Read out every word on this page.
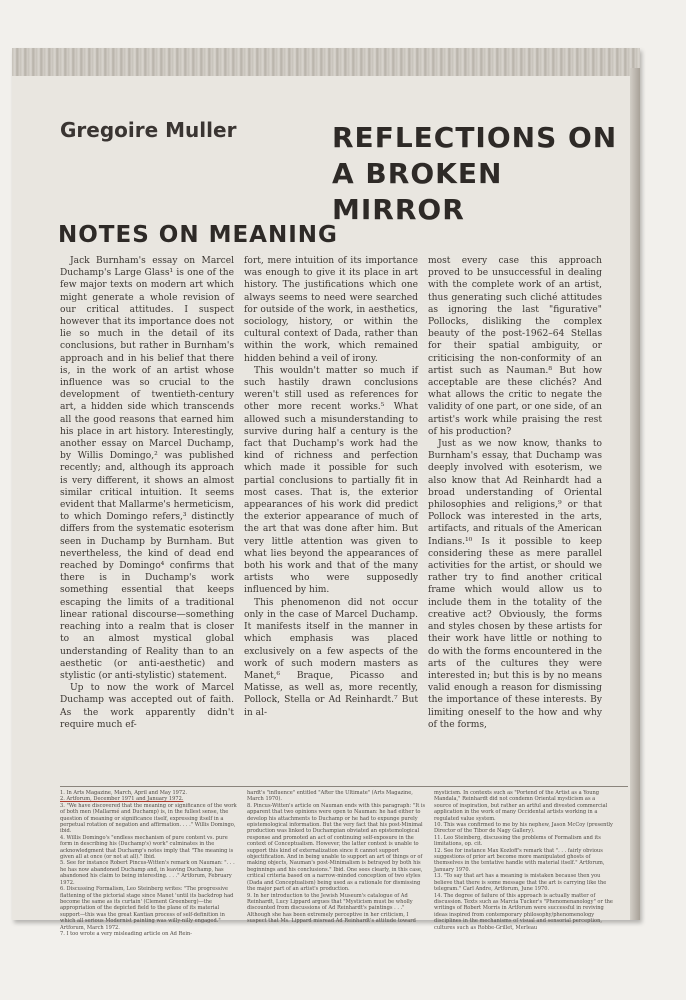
Gregoire Muller	REFLECTIONS ON
A BROKEN MIRROR
NOTES ON MEANING

Jack Burnham's essay on Marcel Duchamp's Large Glass¹ is one of the few major texts on modern art which might generate a whole revision of our critical attitudes. I suspect however that its importance does not lie so much in the detail of its conclusions, but rather in Burnham's approach and in his belief that there is, in the work of an artist whose influence was so crucial to the development of twentieth-century art, a hidden side which transcends all the good reasons that earned him his place in art history. Interestingly, another essay on Marcel Duchamp, by Willis Domingo,² was published recently; and, although its approach is very different, it shows an almost similar critical intuition. It seems evident that Mallarme's hermeticism, to which Domingo refers,³ distinctly differs from the systematic esoterism seen in Duchamp by Burnham. But nevertheless, the kind of dead end reached by Domingo⁴ confirms that there is in Duchamp's work something essential that keeps escaping the limits of a traditional linear rational discourse—something reaching into a realm that is closer to an almost mystical global understanding of Reality than to an aesthetic (or anti-aesthetic) and stylistic (or anti-stylistic) statement.

Up to now the work of Marcel Duchamp was accepted out of faith. As the work apparently didn't require much ef-

fort, mere intuition of its importance was enough to give it its place in art history. The justifications which one always seems to need were searched for outside of the work, in aesthetics, sociology, history, or within the cultural context of Dada, rather than within the work, which remained hidden behind a veil of irony.

This wouldn't matter so much if such hastily drawn conclusions weren't still used as references for other more recent works.⁵ What allowed such a misunderstanding to survive during half a century is the fact that Duchamp's work had the kind of richness and perfection which made it possible for such partial conclusions to partially fit in most cases. That is, the exterior appearances of his work did predict the exterior appearance of much of the art that was done after him. But very little attention was given to what lies beyond the appearances of both his work and that of the many artists who were supposedly influenced by him.

This phenomenon did not occur only in the case of Marcel Duchamp. It manifests itself in the manner in which emphasis was placed exclusively on a few aspects of the work of such modern masters as Manet,⁶ Braque, Picasso and Matisse, as well as, more recently, Pollock, Stella or Ad Reinhardt.⁷ But in al-

most every case this approach proved to be unsuccessful in dealing with the complete work of an artist, thus generating such cliché attitudes as ignoring the last "figurative" Pollocks, disliking the complex beauty of the post-1962–64 Stellas for their spatial ambiguity, or criticising the non-conformity of an artist such as Nauman.⁸ But how acceptable are these clichés? And what allows the critic to negate the validity of one part, or one side, of an artist's work while praising the rest of his production?

Just as we now know, thanks to Burnham's essay, that Duchamp was deeply involved with esoterism, we also know that Ad Reinhardt had a broad understanding of Oriental philosophies and religions,⁹ or that Pollock was interested in the arts, artifacts, and rituals of the American Indians.¹⁰ Is it possible to keep considering these as mere parallel activities for the artist, or should we rather try to find another critical frame which would allow us to include them in the totality of the creative act? Obviously, the forms and styles chosen by these artists for their work have little or nothing to do with the forms encountered in the arts of the cultures they were interested in; but this is by no means valid enough a reason for dismissing the importance of these interests. By limiting oneself to the how and why of the forms,

1. In Arts Magazine, March, April and May 1972.
2. Artforum, December 1971 and January 1972.
3. "We have discovered that the meaning or significance of the work of both men (Mallarmé and Duchamp) is, in the fullest sense, the question of meaning or significance itself, expressing itself in a perpetual rotation of negation and affirmation. . . ." Willis Domingo, ibid.
4. Willis Domingo's "endless mechanism of pure content vs. pure form in describing his (Duchamp's) work" culminates in the acknowledgment that Duchamp's notes imply that "The meaning is given all at once (or not at all)." Ibid.
5. See for instance Robert Pincus-Witten's remark on Nauman: ". . . he has now abandoned Duchamp and, in leaving Duchamp, has abandoned his claim to being interesting. . . ." Artforum, February 1972.
6. Discussing Formalism, Leo Steinberg writes: "The progressive flattening of the pictorial stage since Manet 'until its backdrop had become the same as its curtain' (Clement Greenberg)—the appropriation of the depicted field to the plane of its material support—this was the great Kantian process of self-definition in which all serious Modernist painting was willy-nilly engaged." Artforum, March 1972.
7. I too wrote a very misleading article on Ad Rein-
hardt's "influence" entitled "After the Ultimate" (Arts Magazine, March 1970).
8. Pincus-Witten's article on Nauman ends with this paragraph: "It is apparent that two opinions were open to Nauman: he had either to develop his attachments to Duchamp or he had to expunge purely epistemological information. But the very fact that his post-Minimal production was linked to Duchampian obviated an epistemological response and promoted an act of continuing self-exposure in the context of Conceptualism. However, the latter context is unable to support this kind of externalization since it cannot support objectification. And in being unable to support an art of things or of making objects, Nauman's post-Minimalism is betrayed by both his beginnings and his conclusions." Ibid. One sees clearly, in this case, critical criteria based on a narrow-minded conception of two styles (Dada and Conceptualism) being used as a rationale for dismissing the major part of an artist's production.
9. In her introduction to the Jewish Museum's catalogue of Ad Reinhardt, Lucy Lippard argues that "Mysticism must be wholly discounted from discussions of Ad Reinhardt's paintings . . ." Although she has been extremely perceptive in her criticism, I suspect that Ms. Lippard misread Ad Reinhardt's attitude toward
mysticism. In contexts such as "Portend of the Artist as a Young Mandala," Reinhardt did not condemn Oriental mysticism as a source of inspiration, but rather an artful and divested commercial application in the work of many Occidental artists working in a regulated value system.
10. This was confirmed to me by his nephew, Jason McCoy (presently Director of the Tibor de Nagy Gallery).
11. Leo Steinberg, discussing the problems of Formalism and its limitations, op. cit.
12. See for instance Max Kozloff's remark that ". . . fairly obvious suggestions of prior art become more manipulated ghosts of themselves in the tentative handle with material itself." Artforum, January 1970.
13. "To say that art has a meaning is mistaken because then you believe that there is some message that the art is carrying like the telegram." Carl Andre, Artforum, June 1970.
14. The degree of failure of this approach is actually matter of discussion. Texts such as Marcia Tucker's "Phenomenanology" or the writings of Robert Morris in Artforum were successful in reviving ideas inspired from contemporary philosophy/phenomenology disciplines in the mechanisms of visual and sensorial perception, cultures such as Robbe-Grillet, Merleau
